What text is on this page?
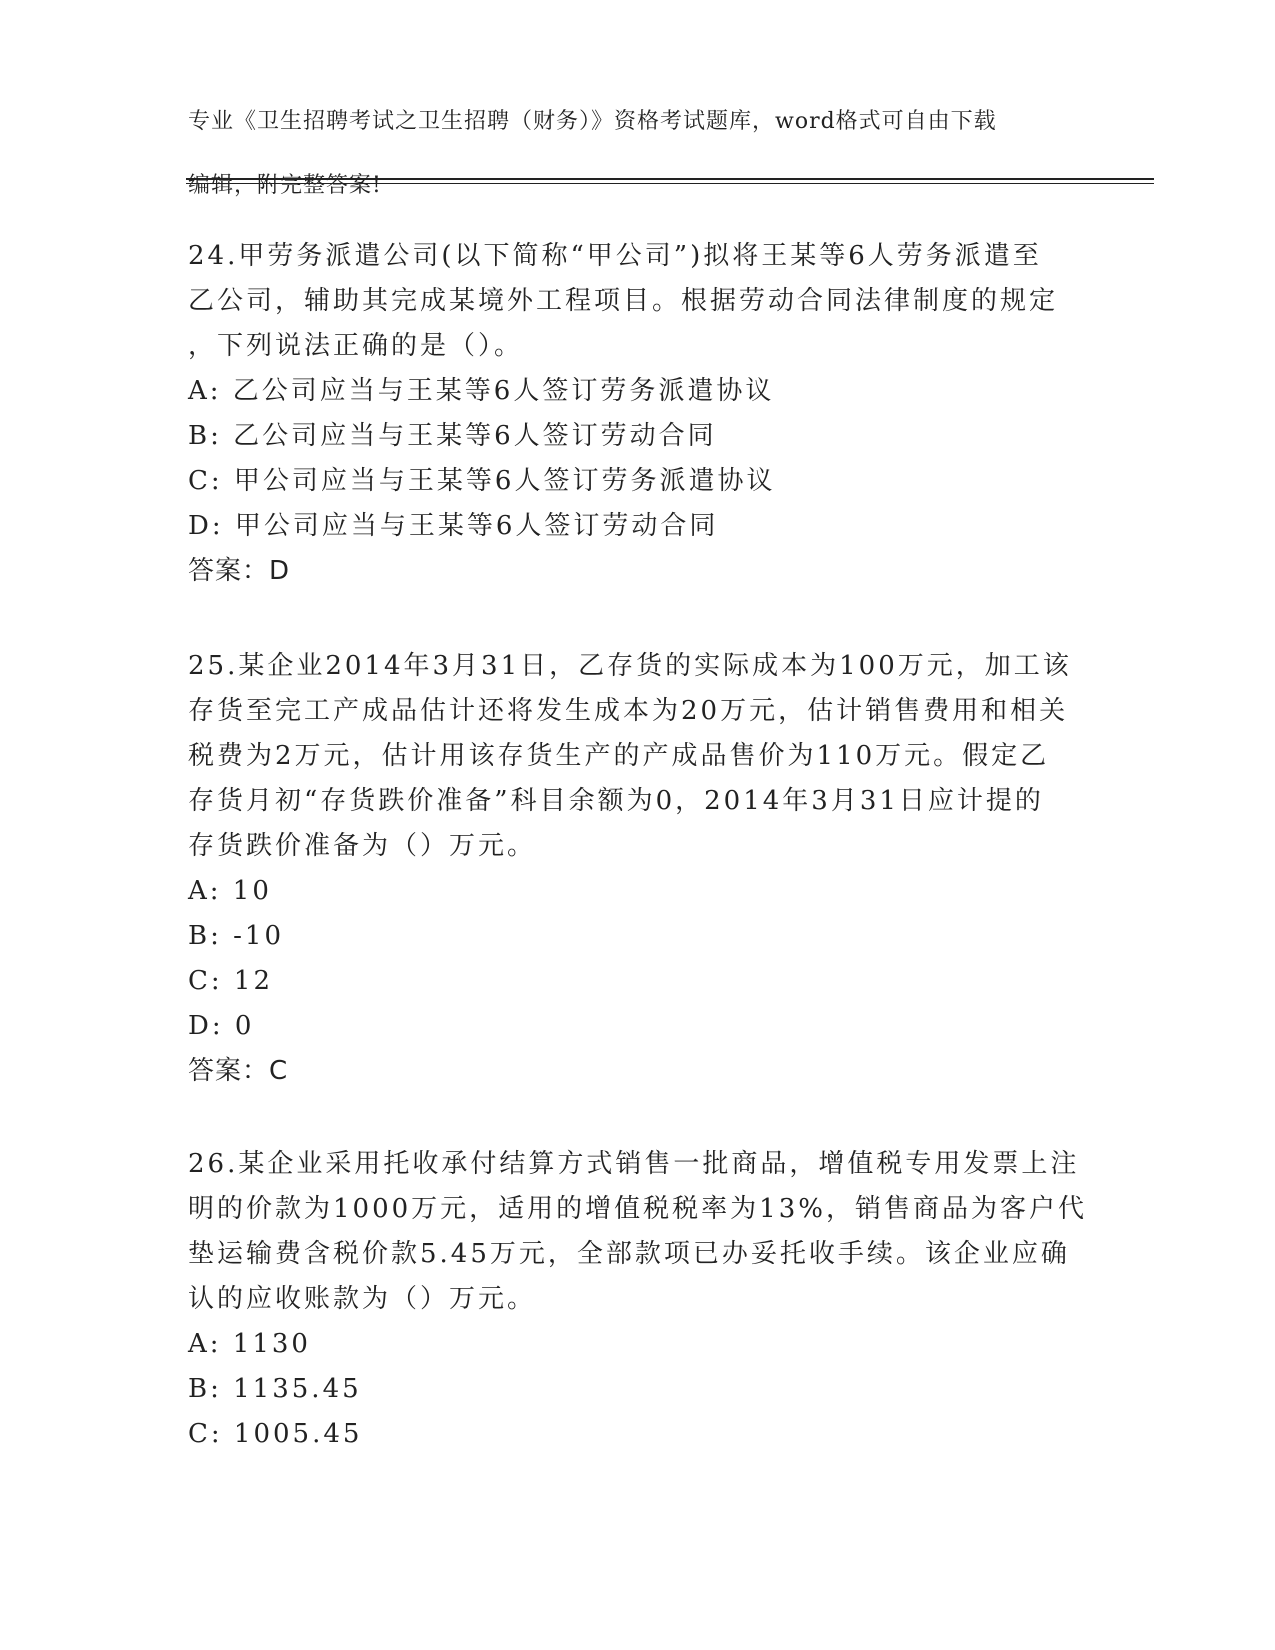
专业《卫生招聘考试之卫生招聘（财务）》资格考试题库，word格式可自由下载

编辑，附完整答案!

24.甲劳务派遣公司(以下简称“甲公司”)拟将王某等6人劳务派遣至
乙公司，辅助其完成某境外工程项目。根据劳动合同法律制度的规定
，下列说法正确的是（）。
A: 乙公司应当与王某等6人签订劳务派遣协议
B: 乙公司应当与王某等6人签订劳动合同
C: 甲公司应当与王某等6人签订劳务派遣协议
D: 甲公司应当与王某等6人签订劳动合同
答案：D
25.某企业2014年3月31日，乙存货的实际成本为100万元，加工该
存货至完工产成品估计还将发生成本为20万元，估计销售费用和相关
税费为2万元，估计用该存货生产的产成品售价为110万元。假定乙
存货月初“存货跌价准备”科目余额为0，2014年3月31日应计提的
存货跌价准备为（）万元。
A: 10
B: -10
C: 12
D: 0
答案：C
26.某企业采用托收承付结算方式销售一批商品，增值税专用发票上注
明的价款为1000万元，适用的增值税税率为13%，销售商品为客户代
垫运输费含税价款5.45万元，全部款项已办妥托收手续。该企业应确
认的应收账款为（）万元。
A: 1130
B: 1135.45
C: 1005.45
